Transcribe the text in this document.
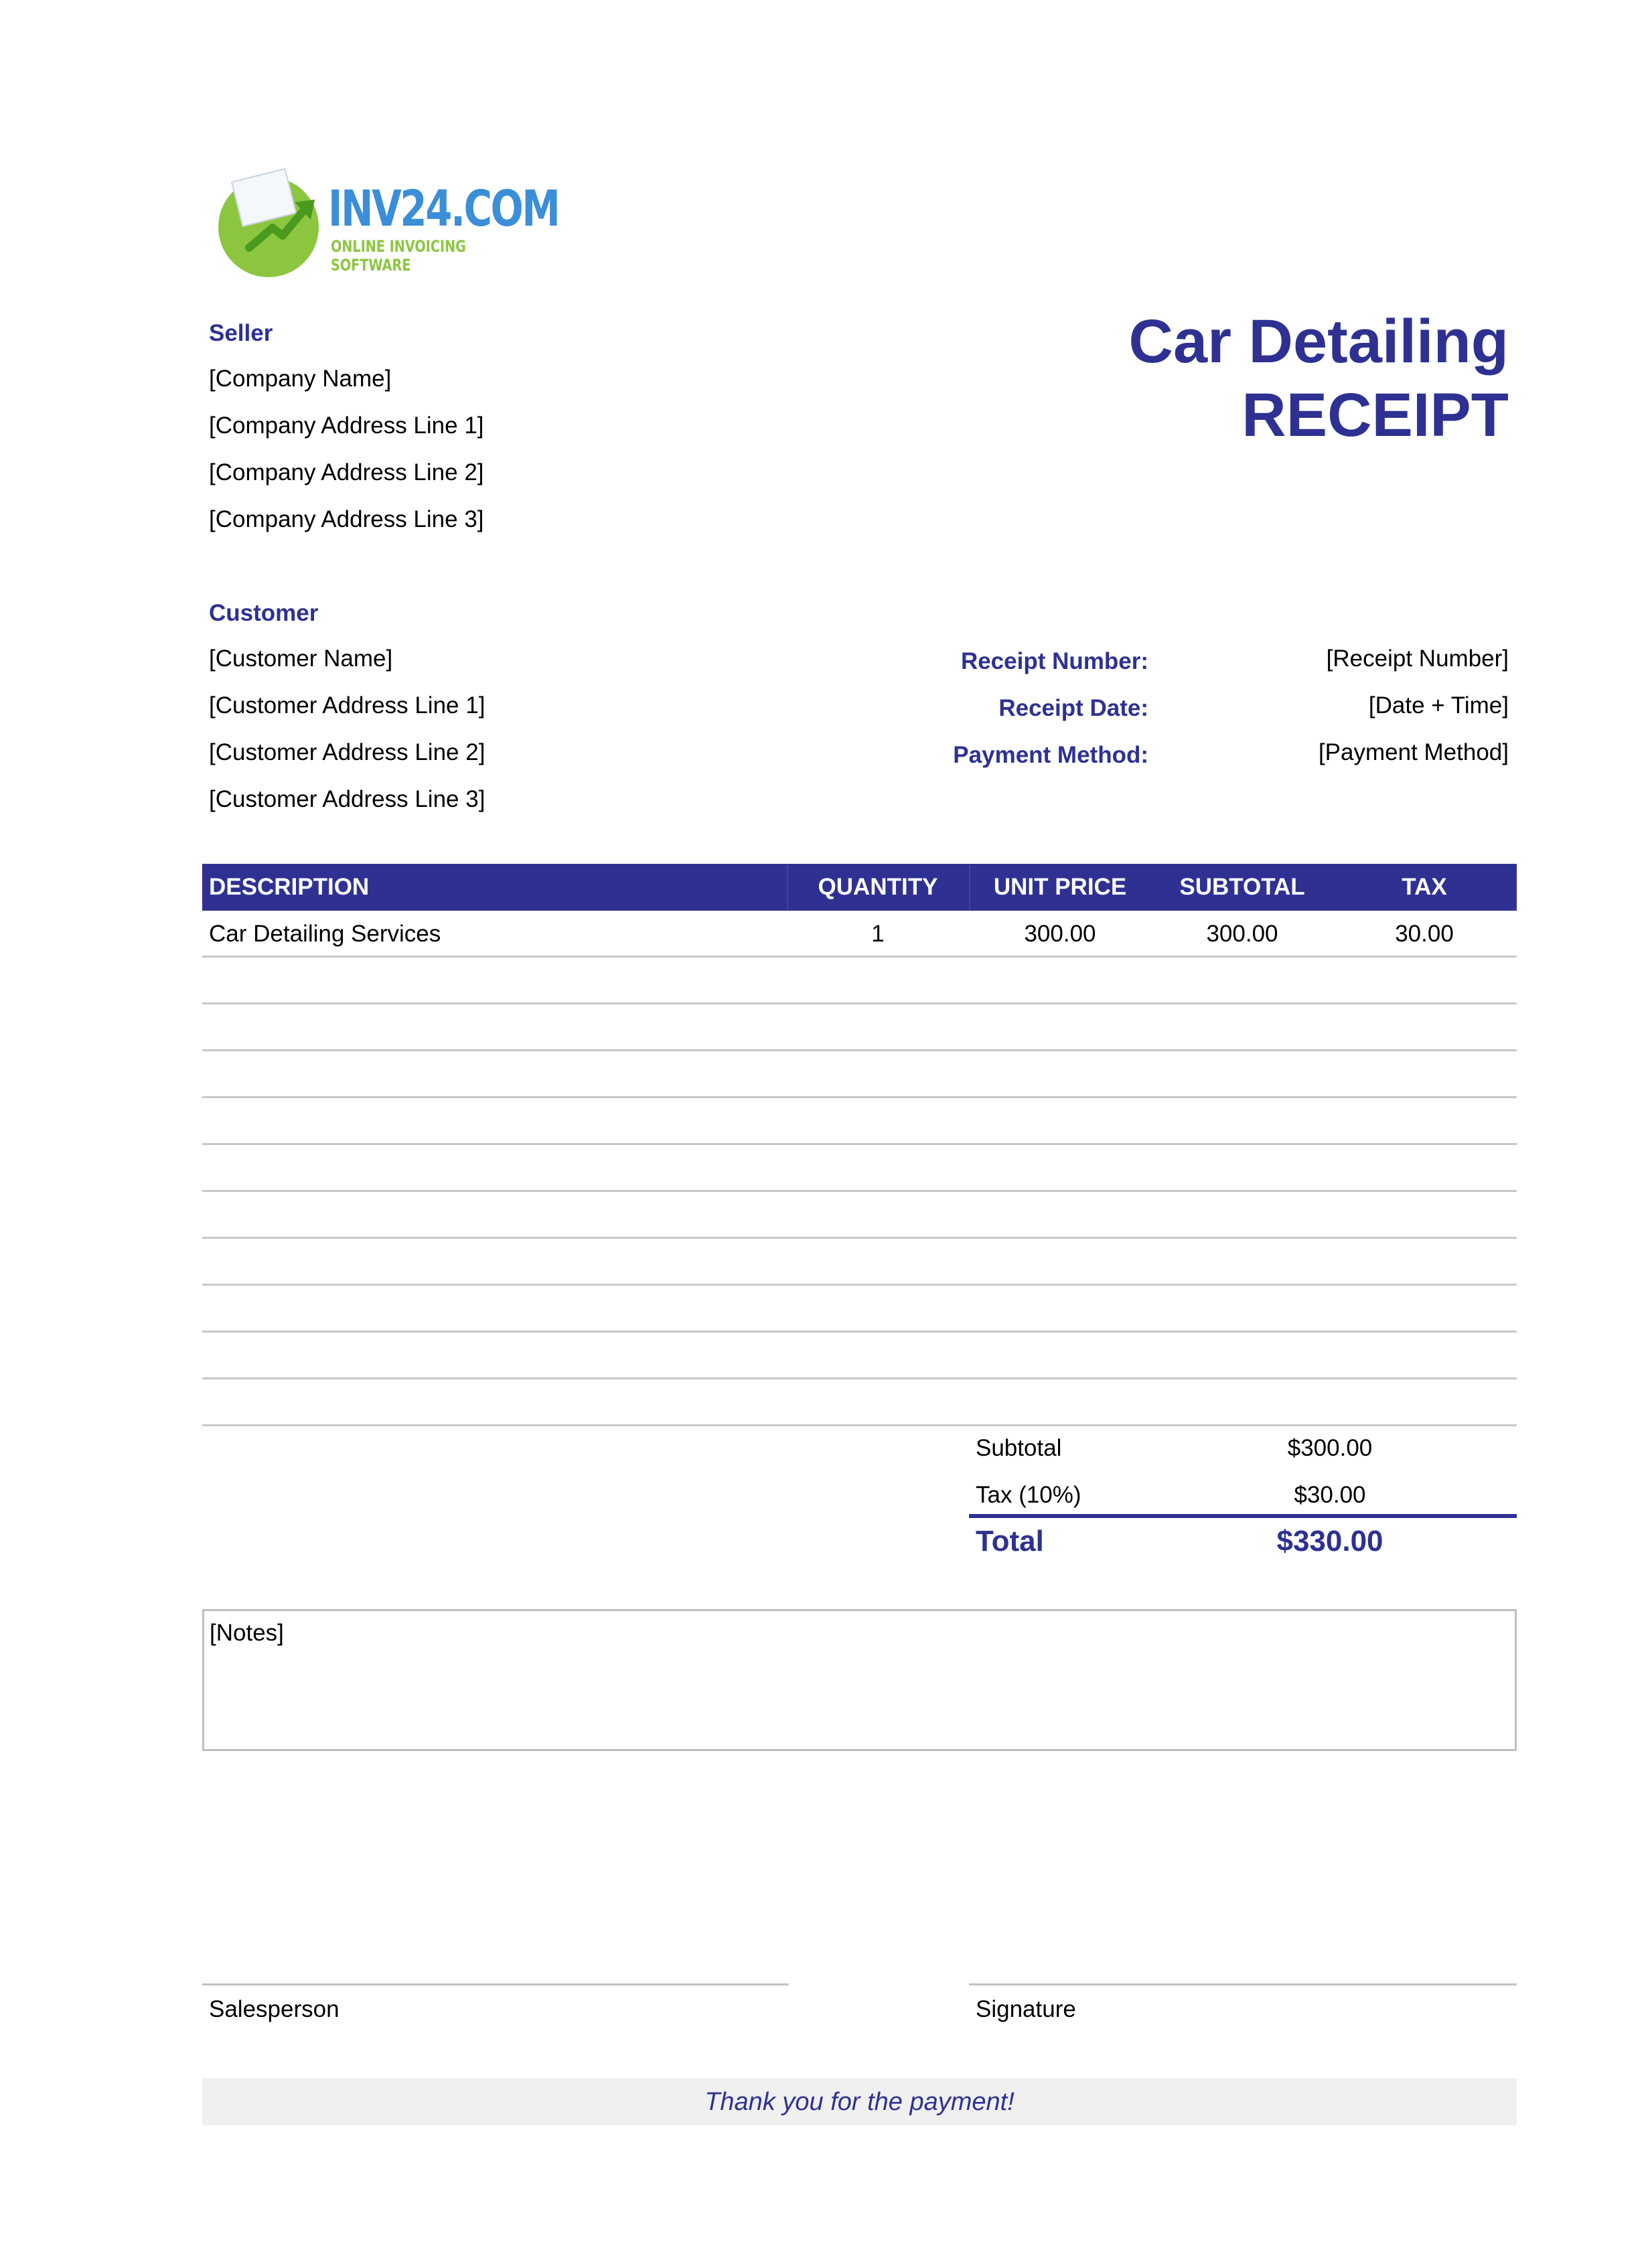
INV24.COM
ONLINE INVOICING SOFTWARE
Car Detailing
RECEIPT
Seller
[Company Name]
[Company Address Line 1]
[Company Address Line 2]
[Company Address Line 3]
Customer
[Customer Name]
[Customer Address Line 1]
[Customer Address Line 2]
[Customer Address Line 3]
Receipt Number:	[Receipt Number]
Receipt Date:	[Date + Time]
Payment Method:	[Payment Method]
DESCRIPTION	QUANTITY	UNIT PRICE	SUBTOTAL	TAX
Car Detailing Services	1	300.00	300.00	30.00
Subtotal	$300.00
Tax (10%)	$30.00
Total	$330.00
[Notes]
Salesperson	Signature
Thank you for the payment!
